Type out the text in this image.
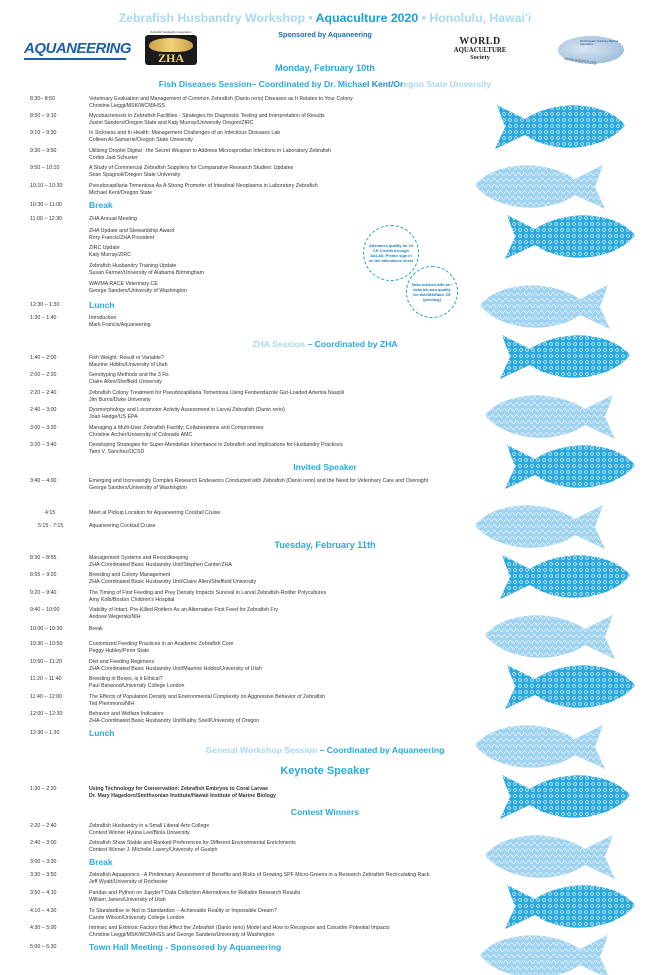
Zebrafish Husbandry Workshop • Aquaculture 2020 • Honolulu, Hawai'i
Sponsored by Aquaneering
AQUANEERING
Zebrafish Husbandry Association
ZHA
WORLD
AQUACULTURE
Society
World Aquatic Veterinary Medical Association
www.wavma.org
Monday, February 10th
Fish Diseases Session– Coordinated by Dr. Michael Kent/Oregon State University
ZHA Session – Coordinated by ZHA
Invited Speaker
Tuesday, February 11th
General Workshop Session – Coordinated by Aquaneering
Keynote Speaker
Contest Winners
Attendees qualify for 10 CE Credits through AALAS. Please sign in on the attendance sheet
Talks marked with an * asterisk also qualify for WAVMA/Race CE (pending)
8:30– 8:50	Veterinary Evaluation and Management of Common Zebrafish (Danio rerio) Diseases as It Relates to Your Colony
Christine Lieggi/MSK/WCM/HSS
8:50 – 9:10	Mycobacteriosis in Zebrafish Facilities - Strategies for Diagnostic Testing and Interpretation of Results
Justin Sanders/Oregon State and Katy Murray/University Oregon/ZIRC
9:10 – 9:30	In Sickness and In Health: Management Challenges of an Infectious Diseases Lab
Colleen Al-Samarrie/Oregon State University
9:30 – 9:50	Utilizing Droplet Digital : the Secret Weapon to Address Microsprodian Infections in Laboratory Zebrafish
Corbin Jaid Schuster
9:50 – 10:10	A Study of Commercial Zebrafish Suppliers for Comparative Research Studies: Updates
Sean Spagnoli/Oregon State University
10:10 – 10:30	Pseudocapillaria Tomentosa As A Strong Promoter of Intestinal Neoplasms in Laboratory Zebrafish
Michael Kent/Oregon State
10:30 – 11:00	Break
11:00 – 12:30	ZHA Annual Meeting
ZHA Update and Stewardship Award
Rory Francis/ZHA President
ZIRC Update
Katy Murray/ZIRC
Zebrafish Husbandry Training Update
Susan Farmer/University of Alabama Birmingham
WAVMA RACE Veterinary CE
George Sanders/University of Washington
12:30 – 1:30	Lunch
1:30 – 1:40	Introduction
Mark Francis/Aquaneering
1:40 – 2:00	Fish Weight: Result or Variable?
Maurine Hobbs/University of Utah
2:00 – 2:20	Genotyping Methods and the 3 Rs
Claire Allen/Sheffield University
2:20 – 2:40	Zebrafish Colony Treatment for Pseudocapillaria Tomentosa Using Fenbendazole Gut-Loaded Artemia Nauplii
Jim Burris/Duke University
2:40 – 3:00	Dysmorphology and Locomotor Activity Assessment in Larval Zebrafish (Danio rerio)
Joan Hedge/US EPA
3:00 – 3:20	Managing a Multi-User Zebrafish Facility: Collaborations and Compromises
Christine Archer/University of Colorado AMC
3:20 – 3:40	Developing Strategies for Super-Mendelian Inheritance in Zebrafish and Implications for Husbandry Practices
Tami V. Sanchez/UCSD
3:40 – 4:00	Emerging and Increasingly Complex Research Endeavors Conducted with Zebrafish (Danio rerio) and the Need for Veterinary Care and Oversight
George Sanders/University of Washington
4:15	Meet at Pickup Location for Aquaneering Cocktail Cruise
5:15 - 7:15	Aquaneering Cocktail Cruise
8:30 – 8:55	Management Systems and Recordkeeping
ZHA-Coordinated Basic Husbandry Unit/Stephen Canter/ZHA
8:55 – 9:20	Breeding and Colony Management
ZHA-Coordinated Basic Husbandry Unit/Claire Allen/Sheffield University
9:20 – 9:40	The Timing of First Feeding and Prey Density Impacts Survival in Larval Zebrafish-Rotifer Polycultures
Amy Kolb/Boston Children's Hospital
9:40 – 10:00	Viability of Intact, Pre-Killed Rotifers As an Alternative First Feed for Zebrafish Fry
Andrew Wegerski/NIH
10:00 – 10:30	Break
10:30 – 10:50	Customized Feeding Practices in an Academic Zebrafish Core
Peggy Hubley/Penn State
10:50 – 11:20	Diet and Feeding Regimens
ZHA-Coordinated Basic Husbandry Unit/Maurine Hobbs/University of Utah
11:20 – 11:40	Breeding in Boxes, is it Ethical?
Paul Barwood/University College London
11:40 – 12:00	The Effects of Population Density and Environmental Complexity on Aggressive Behavior of Zebrafish
Ted Plemmons/NIH
12:00 – 12:30	Behavior and Welfare Indicators
ZHA-Coordinated Basic Husbandry Unit/Kathy Snell/University of Oregon
12:30 – 1:30	Lunch
1:30 – 2:20	Using Technology for Conservation: Zebrafish Embryos to Coral Larvae
Dr. Mary Hagedorn/Smithsonian Institute/Hawaii Institute of Marine Biology
2:20 – 2:40	Zebrafish Husbandry in a Small Liberal Arts College
Contest Winner Hyuna Lee/Biola University
2:40 – 3:00	Zebrafish Show Stable and Ranked Preferences for Different Environmental Enrichments
Contest Winner J. Michelle Lavery/University of Guelph
3:00 – 3:30	Break
3:30 – 3:50	Zebrafish Aquaponics - A Preliminary Assessment of Benefits and Risks of Growing SPF Micro-Greens in a Research Zebrafish Recirculating Rack
Jeff Wyatt/University of Rochester
3:50 – 4:10	Pandas and Python on Jupyter? Data Collection Alternatives for Reliable Research Results
William James/University of Utah
4:10 – 4:30	To Standardise or Not to Standardize – Achievable Reality or Impossible Dream?
Carole Wilson/University College London
4:30 – 5:00	Intrinsic and Extrinsic Factors that Affect the Zebrafish (Danio rerio) Model and How to Recognize and Consider Potential Impacts
Christine Lieggi/MSK/WCM/HSS and George Sanders/University of Washington
5:00 – 6:30	Town Hall Meeting - Sponsored by Aquaneering
